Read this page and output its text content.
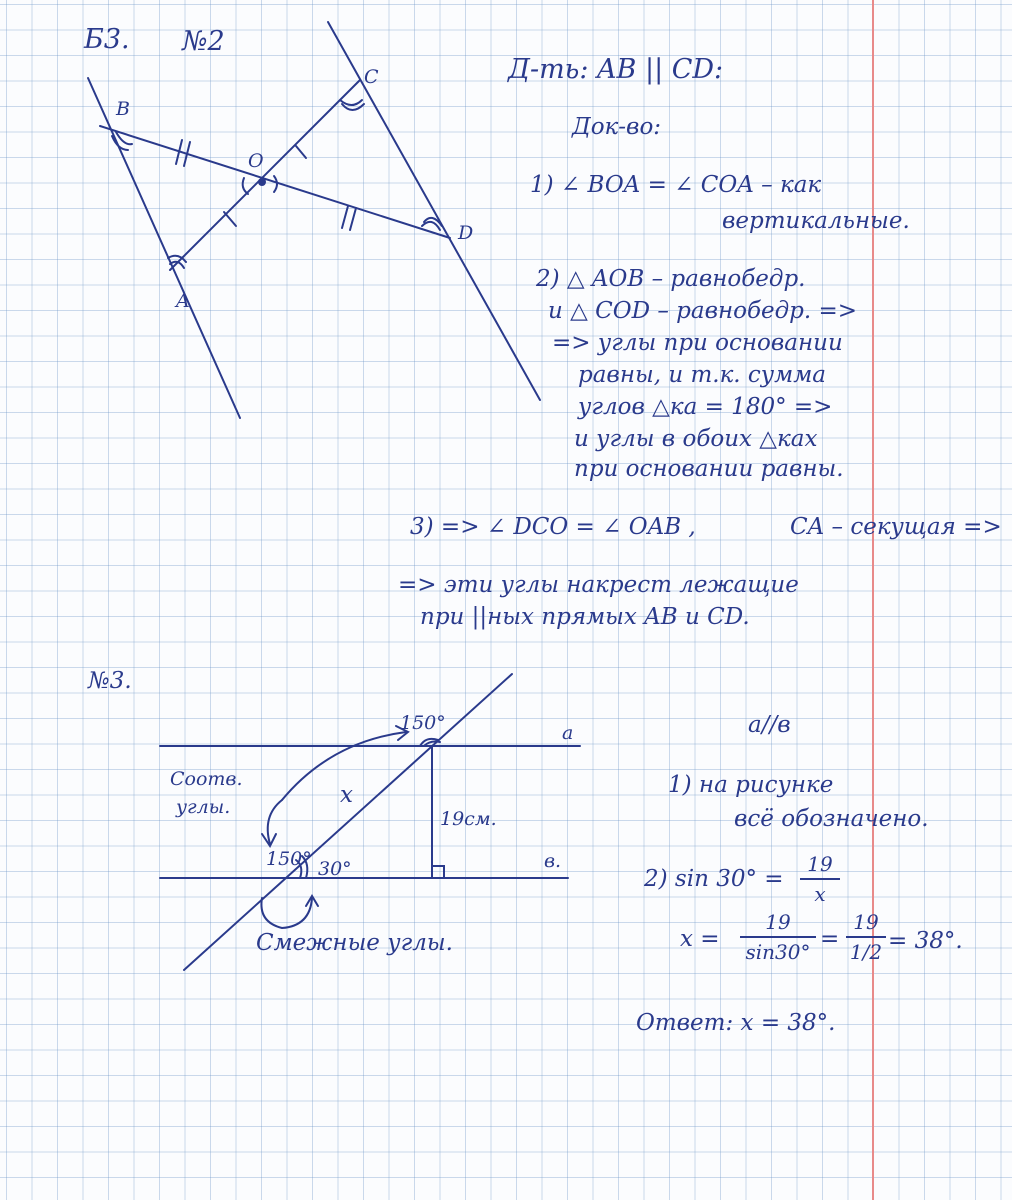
Б3. №2
B
O
C
D
A
Д-ть: AB || CD:
Док-во:
1) ∠ BOA = ∠ COA – как
вертикальные.
2) △ AOB – равнобедр.
и △ COD – равнобедр. =>
=> углы при основании
равны, и т.к. сумма
углов △ка = 180° =>
и углы в обоих △ках
при основании равны.
3) => ∠ DCO = ∠ OAB ,	CA – секущая =>
=> эти углы накрест лежащие
при ||ных прямых AB и CD.
№3.
150°	a
в.
Соотв.
углы.	x
19см.
150° 30°
Смежные углы.
a//в
1) на рисунке
всё обозначено.
2) sin 30° =
19
x
x =
19
sin30° =
19
1/2 = 38°.
Ответ: x = 38°.
